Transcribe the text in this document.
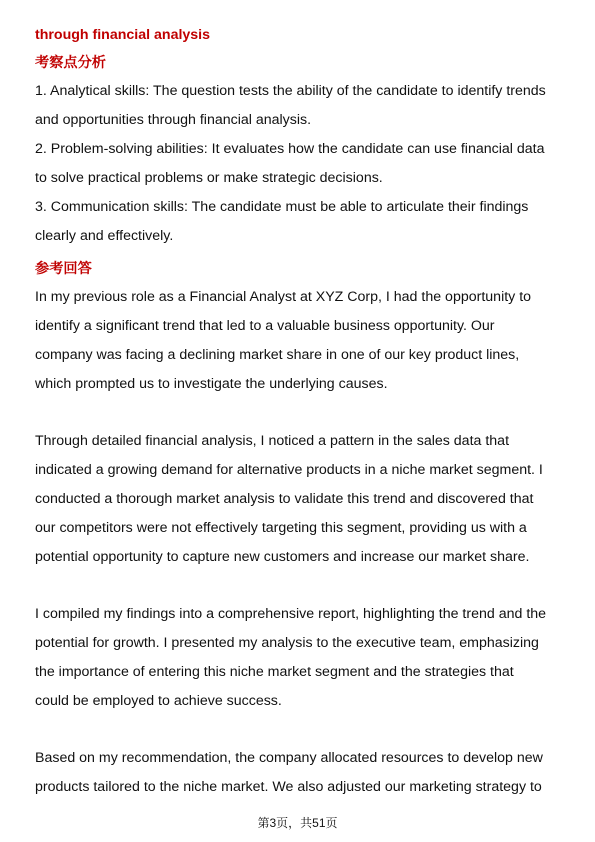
through financial analysis
考察点分析
1. Analytical skills: The question tests the ability of the candidate to identify trends
and opportunities through financial analysis.
2. Problem-solving abilities: It evaluates how the candidate can use financial data
to solve practical problems or make strategic decisions.
3. Communication skills: The candidate must be able to articulate their findings
clearly and effectively.
参考回答
In my previous role as a Financial Analyst at XYZ Corp, I had the opportunity to
identify a significant trend that led to a valuable business opportunity. Our
company was facing a declining market share in one of our key product lines,
which prompted us to investigate the underlying causes.
Through detailed financial analysis, I noticed a pattern in the sales data that
indicated a growing demand for alternative products in a niche market segment. I
conducted a thorough market analysis to validate this trend and discovered that
our competitors were not effectively targeting this segment, providing us with a
potential opportunity to capture new customers and increase our market share.
I compiled my findings into a comprehensive report, highlighting the trend and the
potential for growth. I presented my analysis to the executive team, emphasizing
the importance of entering this niche market segment and the strategies that
could be employed to achieve success.
Based on my recommendation, the company allocated resources to develop new
products tailored to the niche market. We also adjusted our marketing strategy to
第3页，共51页
